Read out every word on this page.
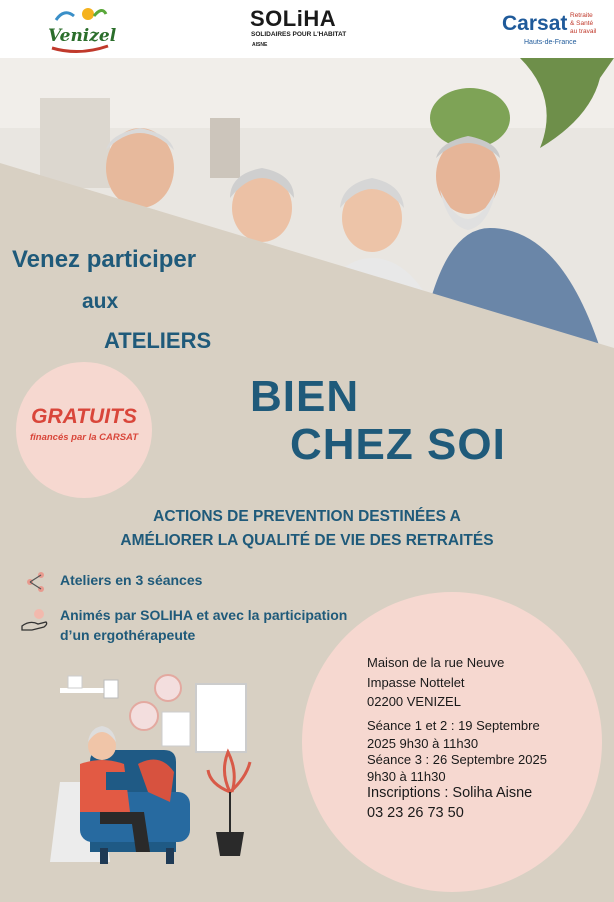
Venizel
SOLiHA
SOLIDAIRES POUR L'HABITAT
AISNE
Carsat Retraite
& Santé
au travail
Hauts-de-France
Venez participer
aux
ATELIERS
BIEN
CHEZ SOI
GRATUITS
financés par la CARSAT
ACTIONS DE PREVENTION DESTINÉES A
AMÉLIORER LA QUALITÉ DE VIE DES RETRAITÉS
Ateliers en 3 séances
Animés par SOLIHA et avec la participation
d’un ergothérapeute
Maison de la rue Neuve
Impasse Nottelet
02200 VENIZEL
Séance 1 et 2 : 19 Septembre
2025 9h30 à 11h30
Séance 3 : 26 Septembre 2025
9h30 à 11h30
Inscriptions : Soliha Aisne
03 23 26 73 50
